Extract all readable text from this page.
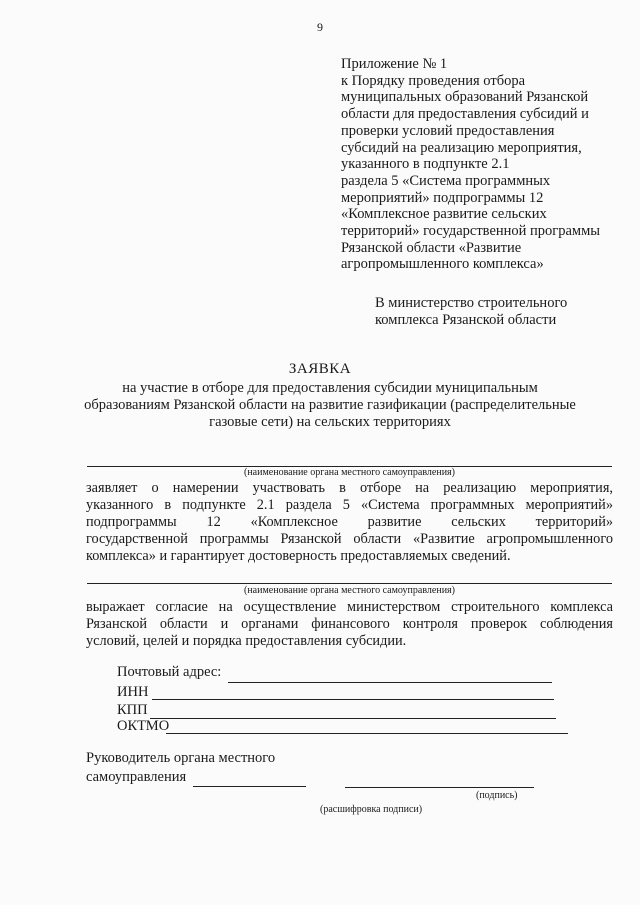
9
Приложение № 1
к Порядку проведения отбора
муниципальных образований Рязанской
области для предоставления субсидий и
проверки условий предоставления
субсидий на реализацию мероприятия,
указанного в подпункте 2.1
раздела 5 «Система программных
мероприятий» подпрограммы 12
«Комплексное развитие сельских
территорий» государственной программы
Рязанской области «Развитие
агропромышленного комплекса»
В министерство строительного
комплекса Рязанской области
ЗАЯВКА
на участие в отборе для предоставления субсидии муниципальным
образованиям Рязанской области на развитие газификации (распределительные
газовые сети) на сельских территориях
(наименование органа местного самоуправления)
заявляет о намерении участвовать в отборе на реализацию мероприятия,
указанного в подпункте 2.1 раздела 5 «Система программных мероприятий»
подпрограммы 12 «Комплексное развитие сельских территорий»
государственной программы Рязанской области «Развитие агропромышленного
комплекса» и гарантирует достоверность предоставляемых сведений.
(наименование органа местного самоуправления)
выражает согласие на осуществление министерством строительного комплекса
Рязанской области и органами финансового контроля проверок соблюдения
условий, целей и порядка предоставления субсидии.
Почтовый адрес:
ИНН
КПП
ОКТМО
Руководитель органа местного
самоуправления
(подпись)
(расшифровка подписи)
